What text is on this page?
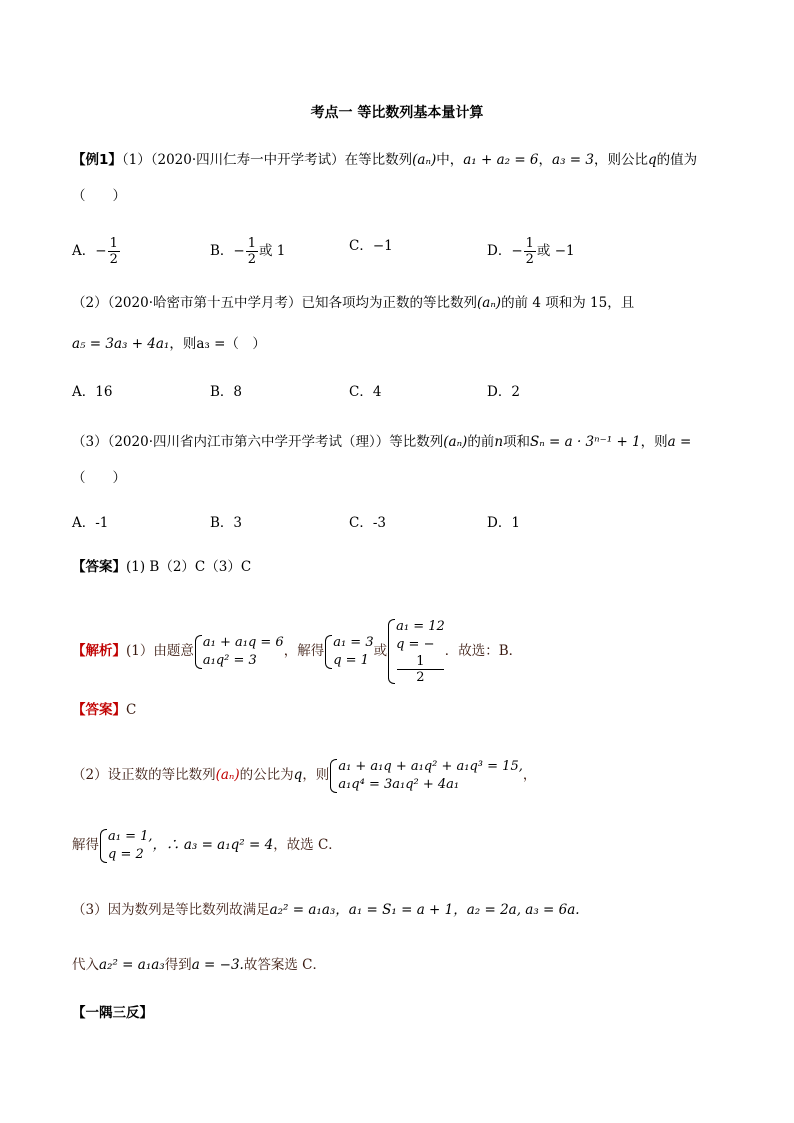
考点一 等比数列基本量计算
【例1】（1）（2020·四川仁寿一中开学考试）在等比数列(aₙ)中，a₁ + a₂ = 6，a₃ = 3，则公比q的值为
（　　）
A．− $\frac{1}{2}$	B．− $\frac{1}{2}$ 或 1	C．−1	D．− $\frac{1}{2}$ 或 −1
（2）（2020·哈密市第十五中学月考）已知各项均为正数的等比数列(aₙ)的前 4 项和为 15，且
a₅ = 3a₃ + 4a₁，则a₃ =（　）
A．16	B．8	C．4	D．2
（3）（2020·四川省内江市第六中学开学考试（理））等比数列(aₙ)的前n项和Sₙ = a · 3ⁿ⁻¹ + 1，则a =
（　　）
A．-1	B．3	C．-3	D．1
【答案】(1) B（2）C（3）C
【解析】(1）由题意
a₁ + a₁q = 6
a₁q² = 3
，解得
a₁ = 3
q = 1
或
a₁ = 12
q = −
1
2
．故选：B．
【答案】C
（2）设正数的等比数列(aₙ)的公比为q，则
a₁ + a₁q + a₁q² + a₁q³ = 15,
a₁q⁴ = 3a₁q² + 4a₁
，
解得
a₁ = 1,
q = 2
，∴ a₃ = a₁q² = 4，故选 C．
（3）因为数列是等比数列故满足a₂² = a₁a₃，a₁ = S₁ = a + 1，a₂ = 2a, a₃ = 6a.
代入a₂² = a₁a₃得到a = −3.故答案选 C．
【一隅三反】
